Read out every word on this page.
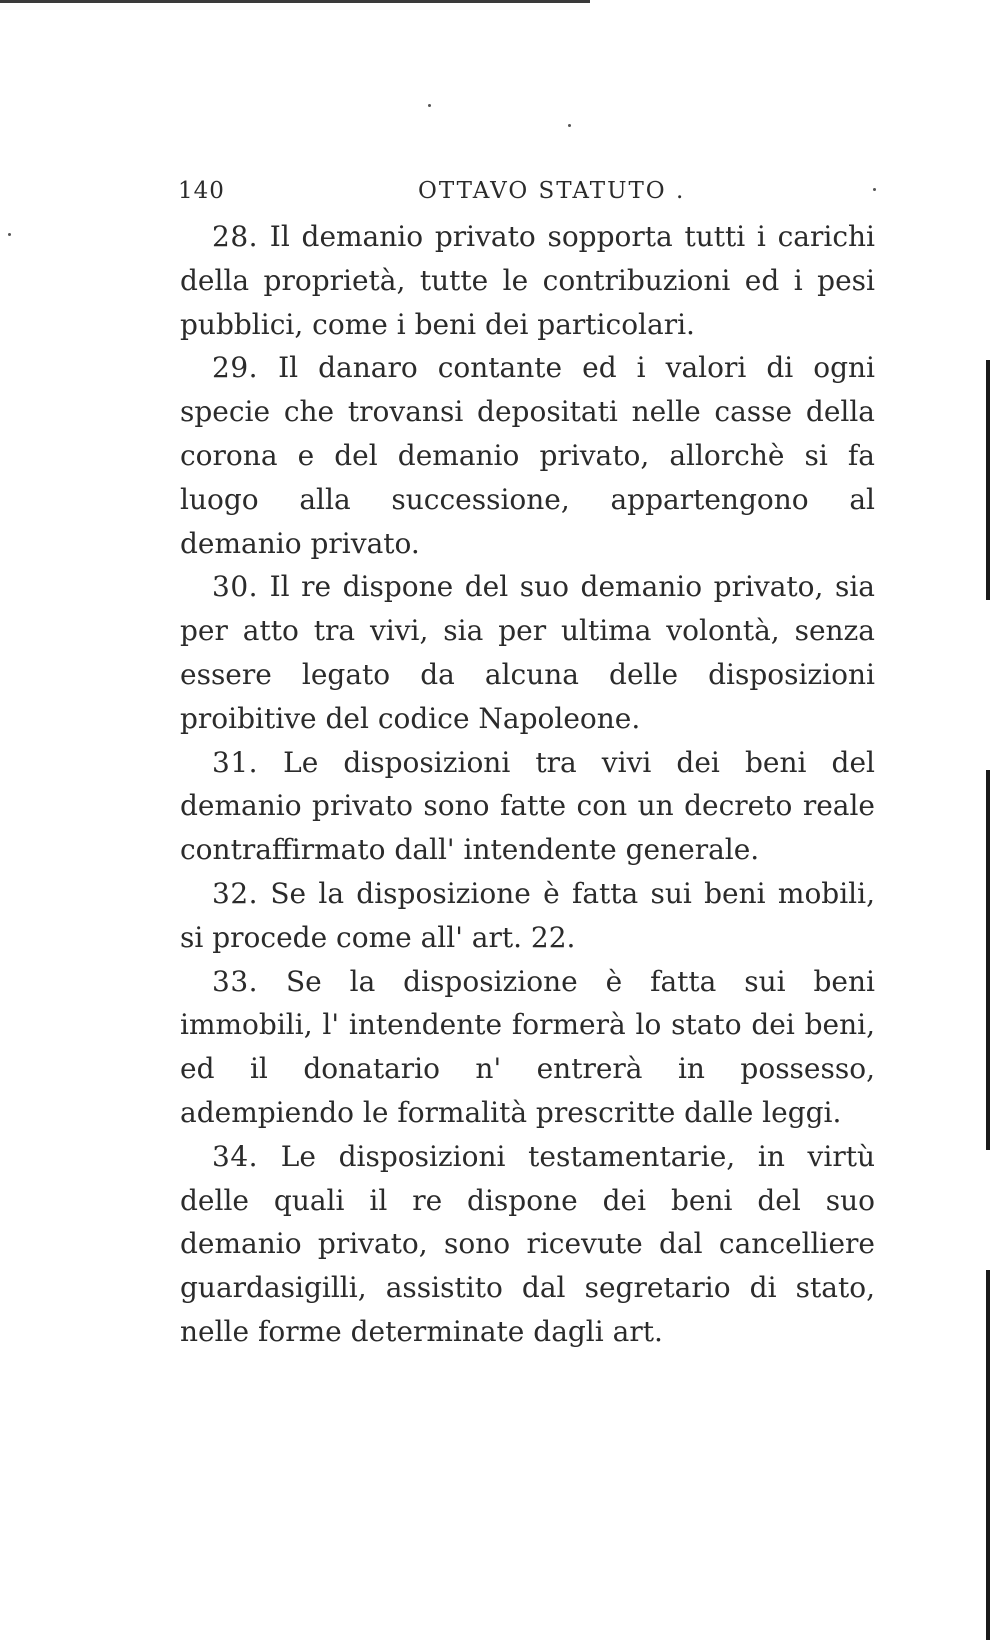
140	OTTAVO STATUTO .

28. Il demanio privato sopporta tutti i carichi della proprietà, tutte le contribuzioni ed i pesi pubblici, come i beni dei particolari.

29. Il danaro contante ed i valori di ogni specie che trovansi depositati nelle casse della corona e del demanio privato, allorchè si fa luogo alla successione, appartengono al demanio privato.

30. Il re dispone del suo demanio privato, sia per atto tra vivi, sia per ultima volontà, senza essere legato da alcuna delle disposizioni proibitive del codice Napoleone.

31. Le disposizioni tra vivi dei beni del demanio privato sono fatte con un decreto reale contraffirmato dall' intendente generale.

32. Se la disposizione è fatta sui beni mobili, si procede come all' art. 22.

33. Se la disposizione è fatta sui beni immobili, l' intendente formerà lo stato dei beni, ed il donatario n' entrerà in possesso, adempiendo le formalità prescritte dalle leggi.

34. Le disposizioni testamentarie, in virtù delle quali il re dispone dei beni del suo demanio privato, sono ricevute dal cancelliere guardasigilli, assistito dal segretario di stato, nelle forme determinate dagli art.
